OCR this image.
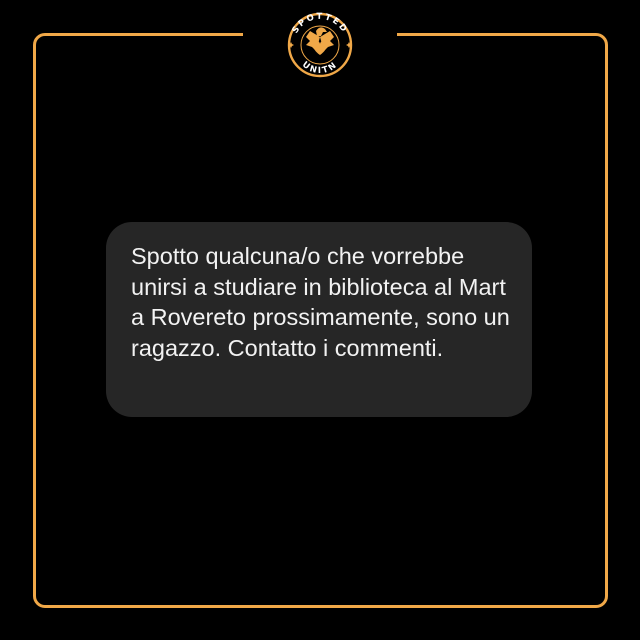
SPOTTED
UNITN

Spotto qualcuna/o che vorrebbe unirsi a studiare in biblioteca al Mart a Rovereto prossimamente, sono un ragazzo. Contatto i commenti.
